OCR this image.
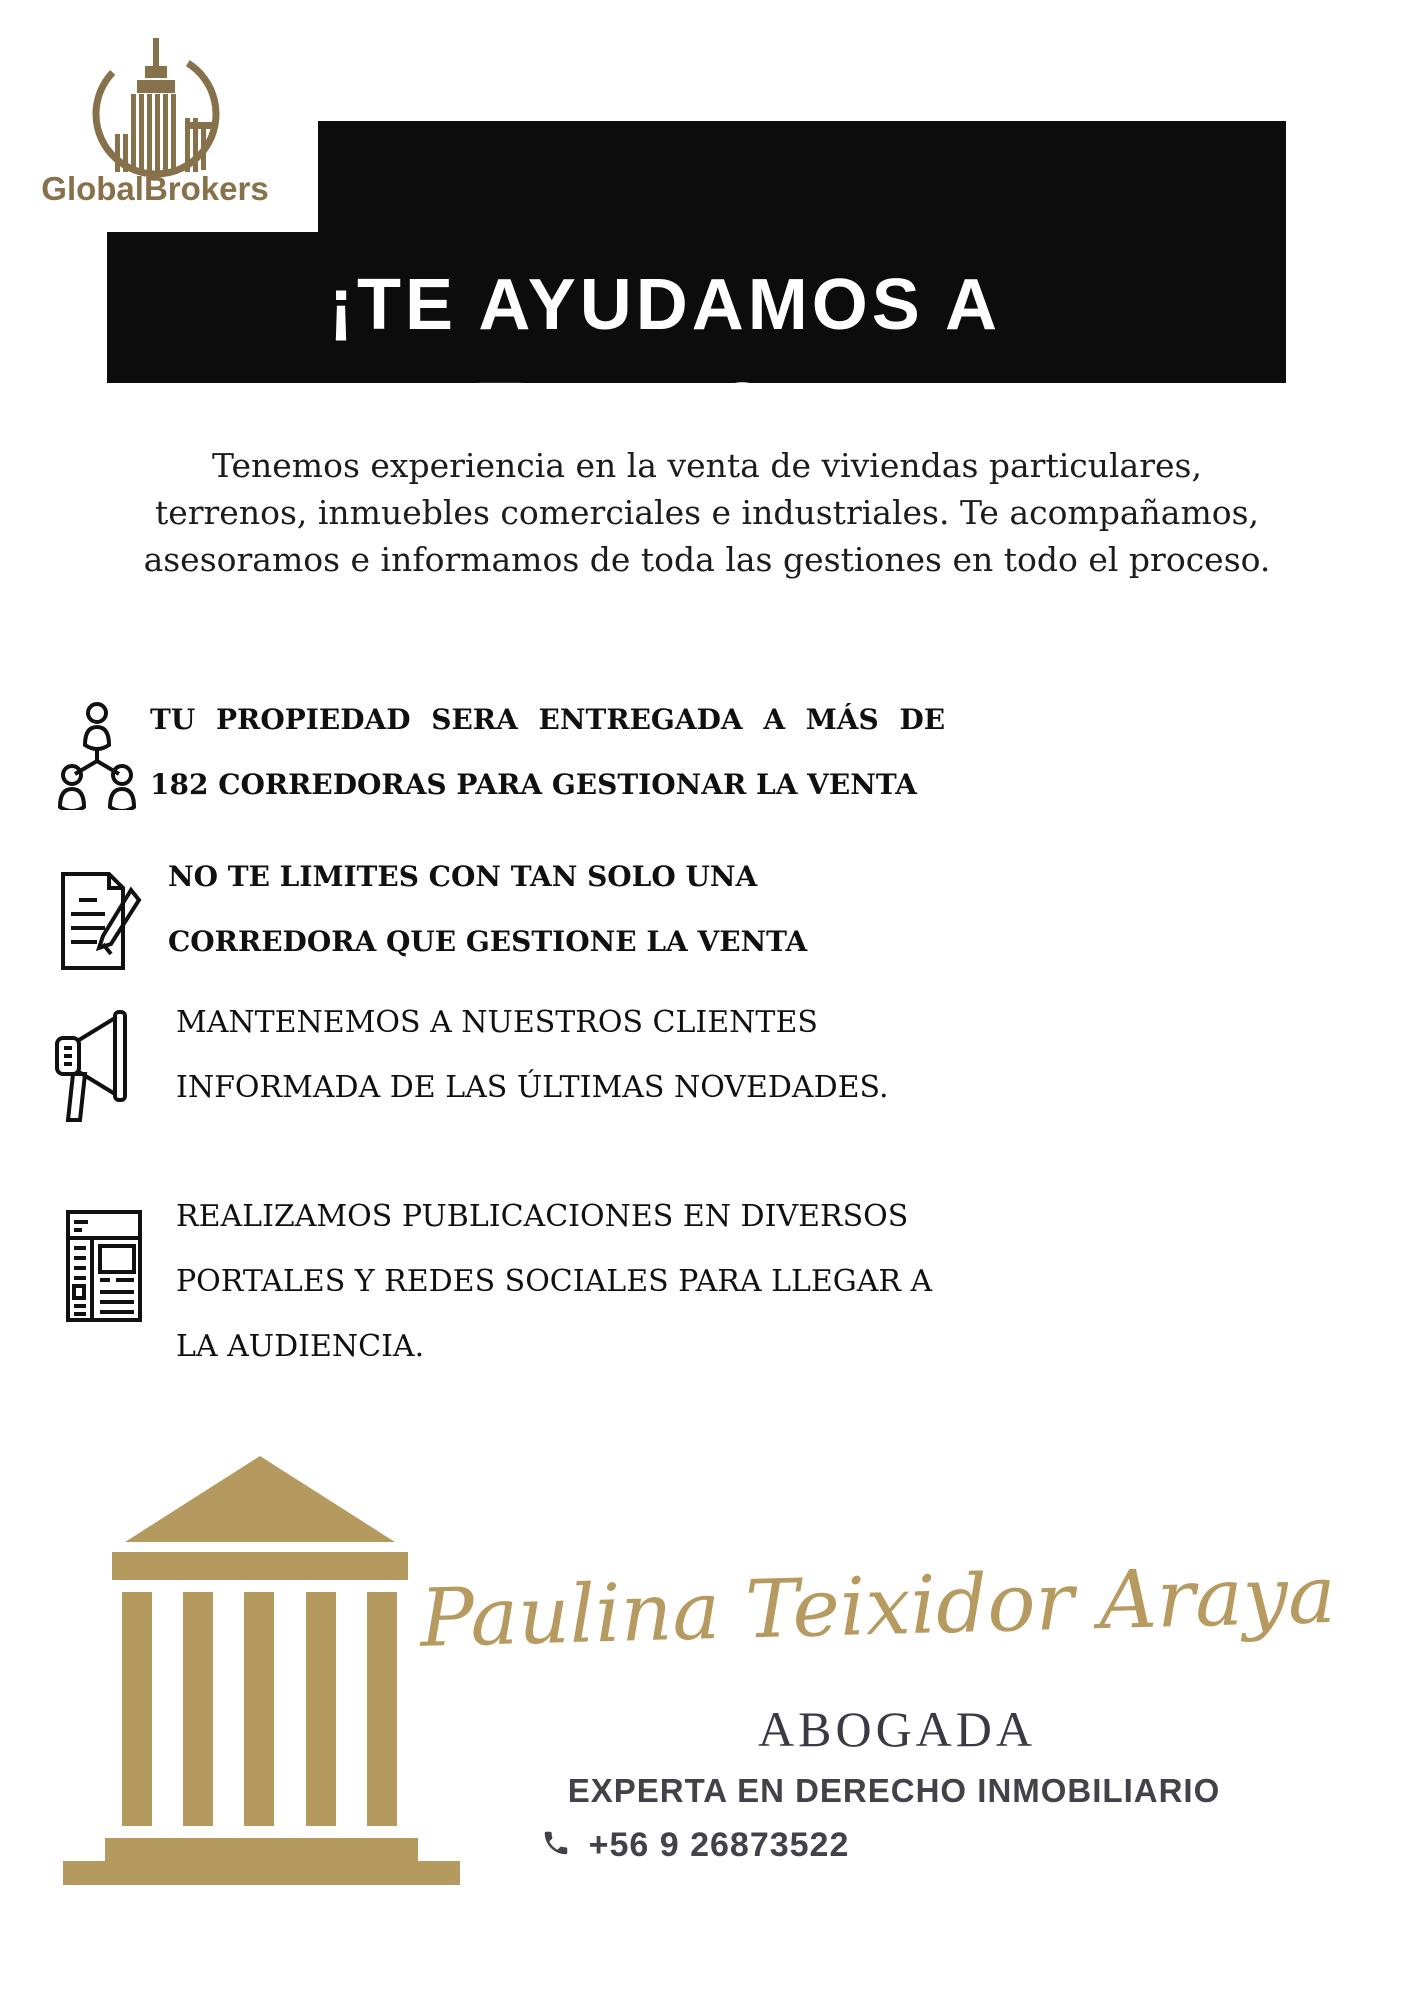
¡TE AYUDAMOS A
VENDER TU PROPIEDAD!
GlobalBrokers
Tenemos experiencia en la venta de viviendas particulares,
terrenos, inmuebles comerciales e industriales. Te acompañamos,
asesoramos e informamos de toda las gestiones en todo el proceso.
TU PROPIEDAD SERA ENTREGADA A MÁS DE
182 CORREDORAS PARA GESTIONAR LA VENTA
NO TE LIMITES CON TAN SOLO UNA
CORREDORA QUE GESTIONE LA VENTA
MANTENEMOS A NUESTROS CLIENTES
INFORMADA DE LAS ÚLTIMAS NOVEDADES.
REALIZAMOS PUBLICACIONES EN DIVERSOS
PORTALES Y REDES SOCIALES PARA LLEGAR A
LA AUDIENCIA.
Paulina Teixidor Araya
ABOGADA
EXPERTA EN DERECHO INMOBILIARIO
+56 9 26873522
